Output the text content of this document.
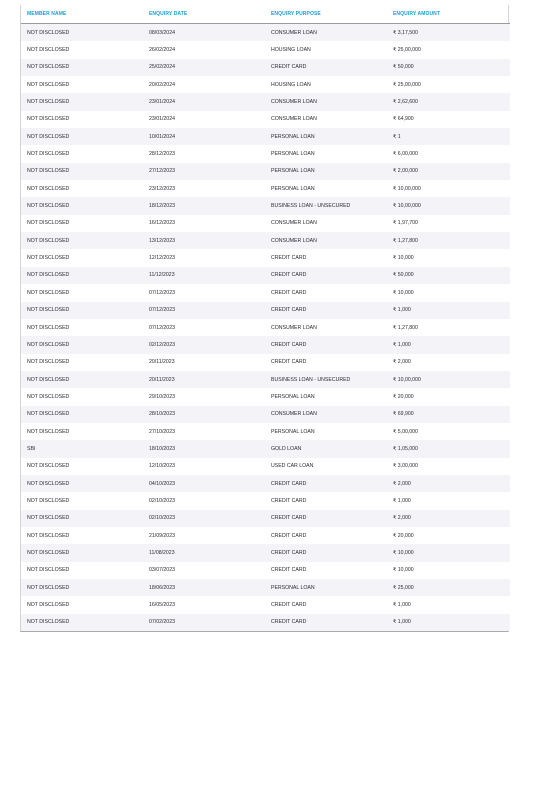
MEMBER NAME	ENQUIRY DATE	ENQUIRY PURPOSE	ENQUIRY AMOUNT
NOT DISCLOSED	08/03/2024	CONSUMER LOAN	₹ 3,17,500
NOT DISCLOSED	26/02/2024	HOUSING LOAN	₹ 25,00,000
NOT DISCLOSED	25/02/2024	CREDIT CARD	₹ 50,000
NOT DISCLOSED	20/02/2024	HOUSING LOAN	₹ 25,00,000
NOT DISCLOSED	23/01/2024	CONSUMER LOAN	₹ 2,62,600
NOT DISCLOSED	23/01/2024	CONSUMER LOAN	₹ 64,900
NOT DISCLOSED	10/01/2024	PERSONAL LOAN	₹ 1
NOT DISCLOSED	28/12/2023	PERSONAL LOAN	₹ 6,00,000
NOT DISCLOSED	27/12/2023	PERSONAL LOAN	₹ 2,00,000
NOT DISCLOSED	23/12/2023	PERSONAL LOAN	₹ 10,00,000
NOT DISCLOSED	18/12/2023	BUSINESS LOAN - UNSECURED	₹ 10,00,000
NOT DISCLOSED	16/12/2023	CONSUMER LOAN	₹ 1,97,700
NOT DISCLOSED	13/12/2023	CONSUMER LOAN	₹ 1,27,800
NOT DISCLOSED	12/12/2023	CREDIT CARD	₹ 10,000
NOT DISCLOSED	11/12/2023	CREDIT CARD	₹ 50,000
NOT DISCLOSED	07/12/2023	CREDIT CARD	₹ 10,000
NOT DISCLOSED	07/12/2023	CREDIT CARD	₹ 1,000
NOT DISCLOSED	07/12/2023	CONSUMER LOAN	₹ 1,27,800
NOT DISCLOSED	02/12/2023	CREDIT CARD	₹ 1,000
NOT DISCLOSED	20/11/2023	CREDIT CARD	₹ 2,000
NOT DISCLOSED	20/11/2023	BUSINESS LOAN - UNSECURED	₹ 10,00,000
NOT DISCLOSED	29/10/2023	PERSONAL LOAN	₹ 20,000
NOT DISCLOSED	28/10/2023	CONSUMER LOAN	₹ 69,900
NOT DISCLOSED	27/10/2023	PERSONAL LOAN	₹ 5,00,000
SBI	18/10/2023	GOLD LOAN	₹ 1,05,000
NOT DISCLOSED	12/10/2023	USED CAR LOAN	₹ 3,00,000
NOT DISCLOSED	04/10/2023	CREDIT CARD	₹ 2,000
NOT DISCLOSED	02/10/2023	CREDIT CARD	₹ 1,000
NOT DISCLOSED	02/10/2023	CREDIT CARD	₹ 2,000
NOT DISCLOSED	21/09/2023	CREDIT CARD	₹ 20,000
NOT DISCLOSED	11/08/2023	CREDIT CARD	₹ 10,000
NOT DISCLOSED	03/07/2023	CREDIT CARD	₹ 10,000
NOT DISCLOSED	18/06/2023	PERSONAL LOAN	₹ 25,000
NOT DISCLOSED	16/05/2023	CREDIT CARD	₹ 1,000
NOT DISCLOSED	07/02/2023	CREDIT CARD	₹ 1,000
